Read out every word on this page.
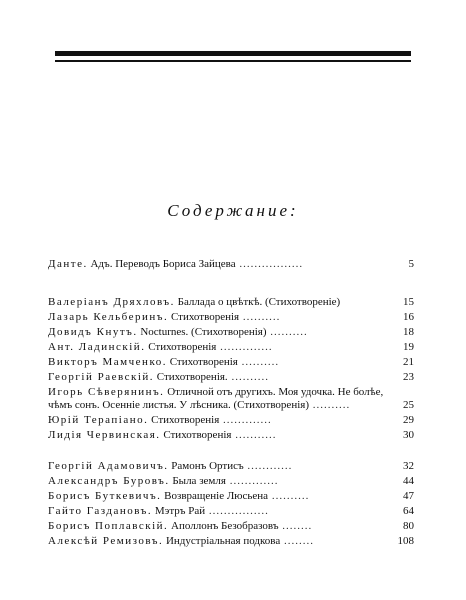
Содержание:
Данте. Адъ. Переводъ Бориса Зайцева .................	5
Валеріанъ Дряхловъ. Баллада о цвѣткѣ. (Стихотвореніе)	15
Лазарь Кельберинъ. Стихотворенія ..........	16
Довидъ Кнутъ. Nocturnes. (Стихотворенія) ..........	18
Ант. Ладинскій. Стихотворенія ..............	19
Викторъ Мамченко. Стихотворенія ..........	21
Георгій Раевскій. Стихотворенія. ..........	23
Игорь Сѣверянинъ. Отличной отъ другихъ. Моя удочка. Не болѣе, чѣмъ сонъ. Осеннiе листья. У лѣсника. (Стихотворенія) ..........	25
Юрій Терапіано. Стихотворенія .............	29
Лидія Червинская. Стихотворенія ...........	30
Георгій Адамовичъ. Рамонъ Ортисъ ............	32
Александръ Буровъ. Была земля .............	44
Борисъ Буткевичъ. Возвращеніе Люсьена ..........	47
Гайто Газдановъ. Мэтръ Рай ................	64
Борисъ Поплавскій. Аполлонъ Безобразовъ ........	80
Алексѣй Ремизовъ. Индустріальная подкова ........	108
